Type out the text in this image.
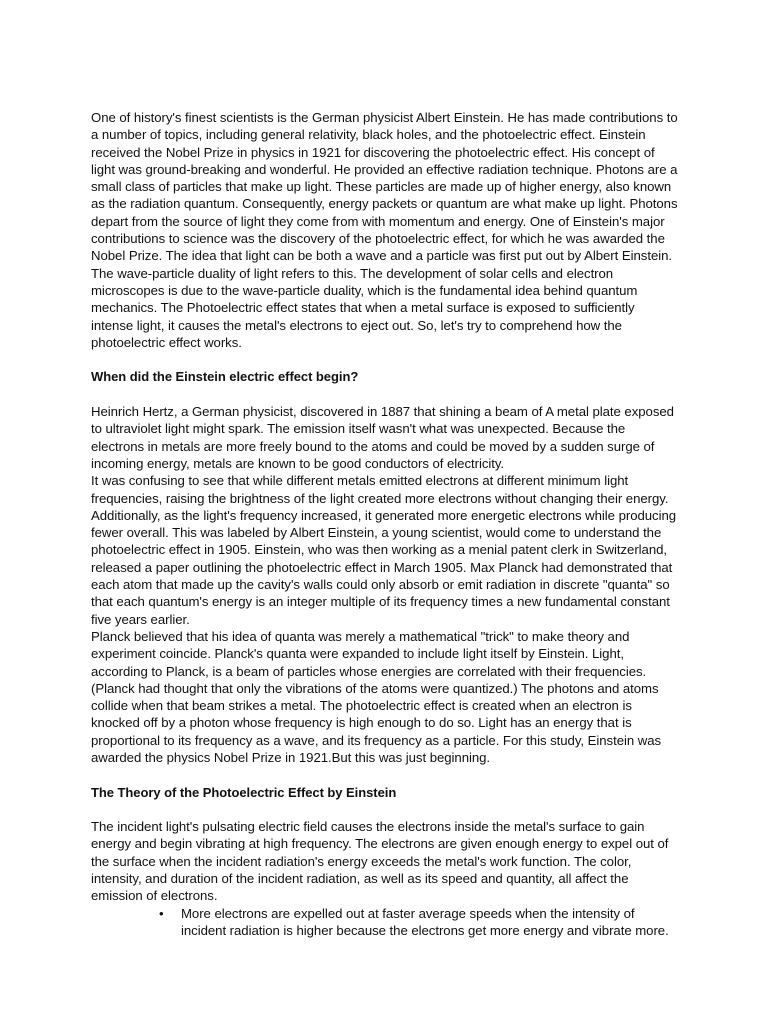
One of history's finest scientists is the German physicist Albert Einstein. He has made contributions to a number of topics, including general relativity, black holes, and the photoelectric effect. Einstein received the Nobel Prize in physics in 1921 for discovering the photoelectric effect. His concept of light was ground-breaking and wonderful. He provided an effective radiation technique. Photons are a small class of particles that make up light. These particles are made up of higher energy, also known as the radiation quantum. Consequently, energy packets or quantum are what make up light. Photons depart from the source of light they come from with momentum and energy. One of Einstein's major contributions to science was the discovery of the photoelectric effect, for which he was awarded the Nobel Prize. The idea that light can be both a wave and a particle was first put out by Albert Einstein. The wave-particle duality of light refers to this. The development of solar cells and electron microscopes is due to the wave-particle duality, which is the fundamental idea behind quantum mechanics. The Photoelectric effect states that when a metal surface is exposed to sufficiently intense light, it causes the metal's electrons to eject out. So, let's try to comprehend how the photoelectric effect works.

When did the Einstein electric effect begin?

Heinrich Hertz, a German physicist, discovered in 1887 that shining a beam of A metal plate exposed to ultraviolet light might spark. The emission itself wasn't what was unexpected. Because the electrons in metals are more freely bound to the atoms and could be moved by a sudden surge of incoming energy, metals are known to be good conductors of electricity.

It was confusing to see that while different metals emitted electrons at different minimum light frequencies, raising the brightness of the light created more electrons without changing their energy. Additionally, as the light's frequency increased, it generated more energetic electrons while producing fewer overall. This was labeled by Albert Einstein, a young scientist, would come to understand the photoelectric effect in 1905. Einstein, who was then working as a menial patent clerk in Switzerland, released a paper outlining the photoelectric effect in March 1905. Max Planck had demonstrated that each atom that made up the cavity's walls could only absorb or emit radiation in discrete "quanta" so that each quantum's energy is an integer multiple of its frequency times a new fundamental constant five years earlier.

Planck believed that his idea of quanta was merely a mathematical "trick" to make theory and experiment coincide. Planck's quanta were expanded to include light itself by Einstein. Light, according to Planck, is a beam of particles whose energies are correlated with their frequencies. (Planck had thought that only the vibrations of the atoms were quantized.) The photons and atoms collide when that beam strikes a metal. The photoelectric effect is created when an electron is knocked off by a photon whose frequency is high enough to do so. Light has an energy that is proportional to its frequency as a wave, and its frequency as a particle. For this study, Einstein was awarded the physics Nobel Prize in 1921.But this was just beginning.

The Theory of the Photoelectric Effect by Einstein

The incident light's pulsating electric field causes the electrons inside the metal's surface to gain energy and begin vibrating at high frequency. The electrons are given enough energy to expel out of the surface when the incident radiation's energy exceeds the metal's work function. The color, intensity, and duration of the incident radiation, as well as its speed and quantity, all affect the emission of electrons.

• More electrons are expelled out at faster average speeds when the intensity of incident radiation is higher because the electrons get more energy and vibrate more.
